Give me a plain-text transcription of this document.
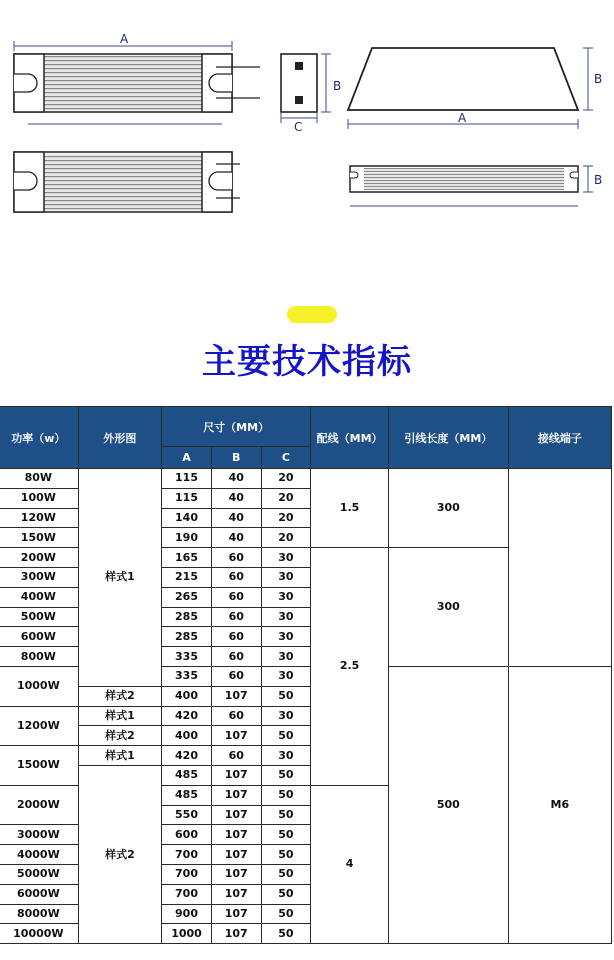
A
B
C
B
A
B
主要技术指标
功率（w）	外形图	尺寸（MM）			配线（MM）	引线长度（MM）	接线端子
		A	B	C			
80W	样式1	115	40	20	1.5	300	
100W		115	40	20			
120W		140	40	20			
150W		190	40	20			
200W		165	60	30	2.5	300	
300W		215	60	30			
400W		265	60	30			
500W		285	60	30			
600W		285	60	30			
800W		335	60	30			
1000W		335	60	30		500	M6
	样式2	400	107	50			
1200W	样式1	420	60	30			
	样式2	400	107	50			
1500W	样式1	420	60	30			
	样式2	485	107	50			
2000W		485	107	50	4		
		550	107	50			
3000W		600	107	50			
4000W		700	107	50			
5000W		700	107	50			
6000W		700	107	50			
8000W		900	107	50			
10000W		1000	107	50			
